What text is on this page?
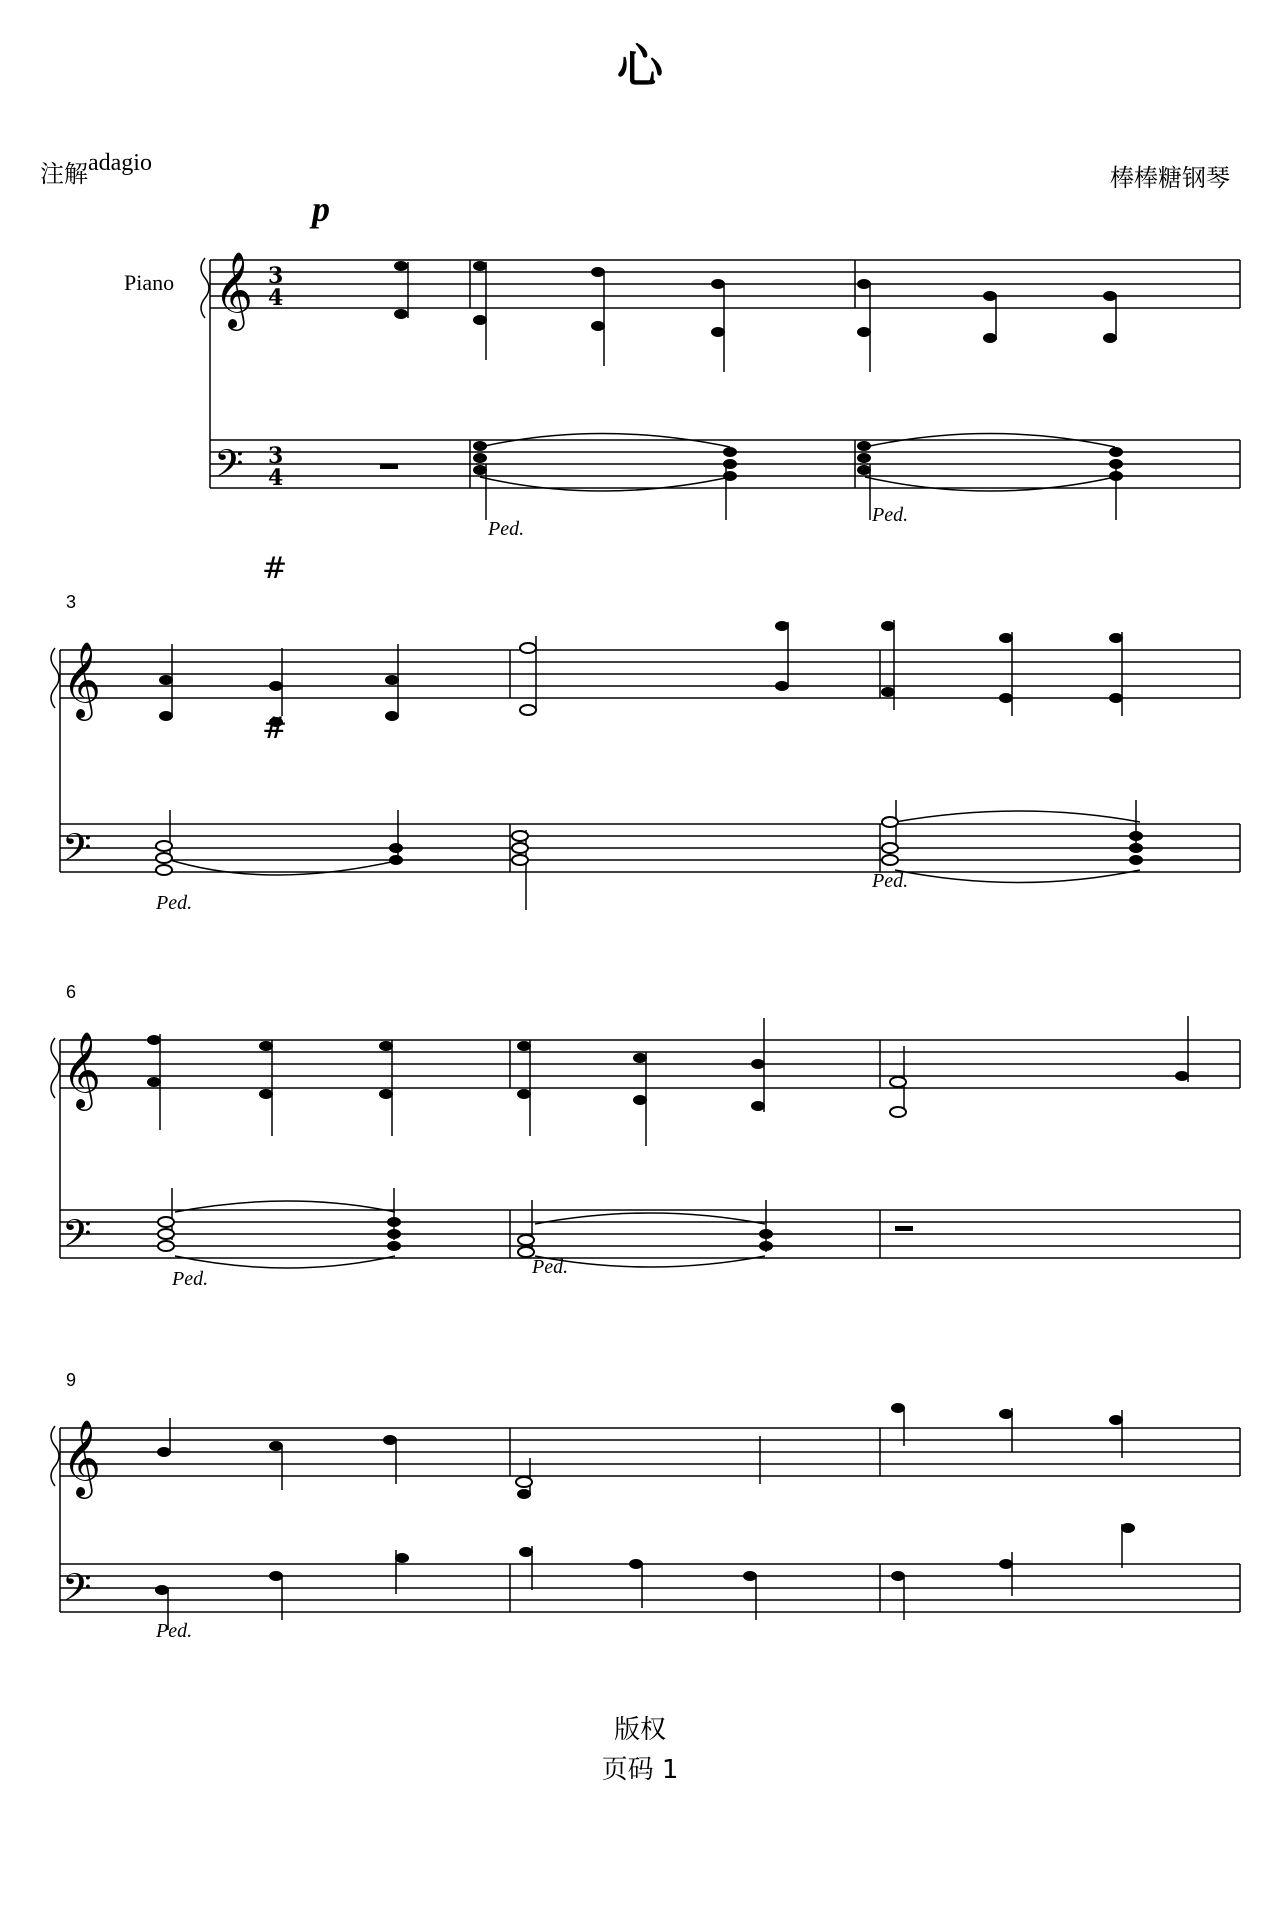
心
注解$^{adagio}$
棒棒糖钢琴
𝄞
𝄢
3
4
3
4
𝄞
𝄢
𝄞
𝄢
𝄞
𝄢
#
#
Piano
p
3
6
9
Ped.
Ped.
Ped.
Ped.
Ped.
Ped.
Ped.
版权
页码 1
